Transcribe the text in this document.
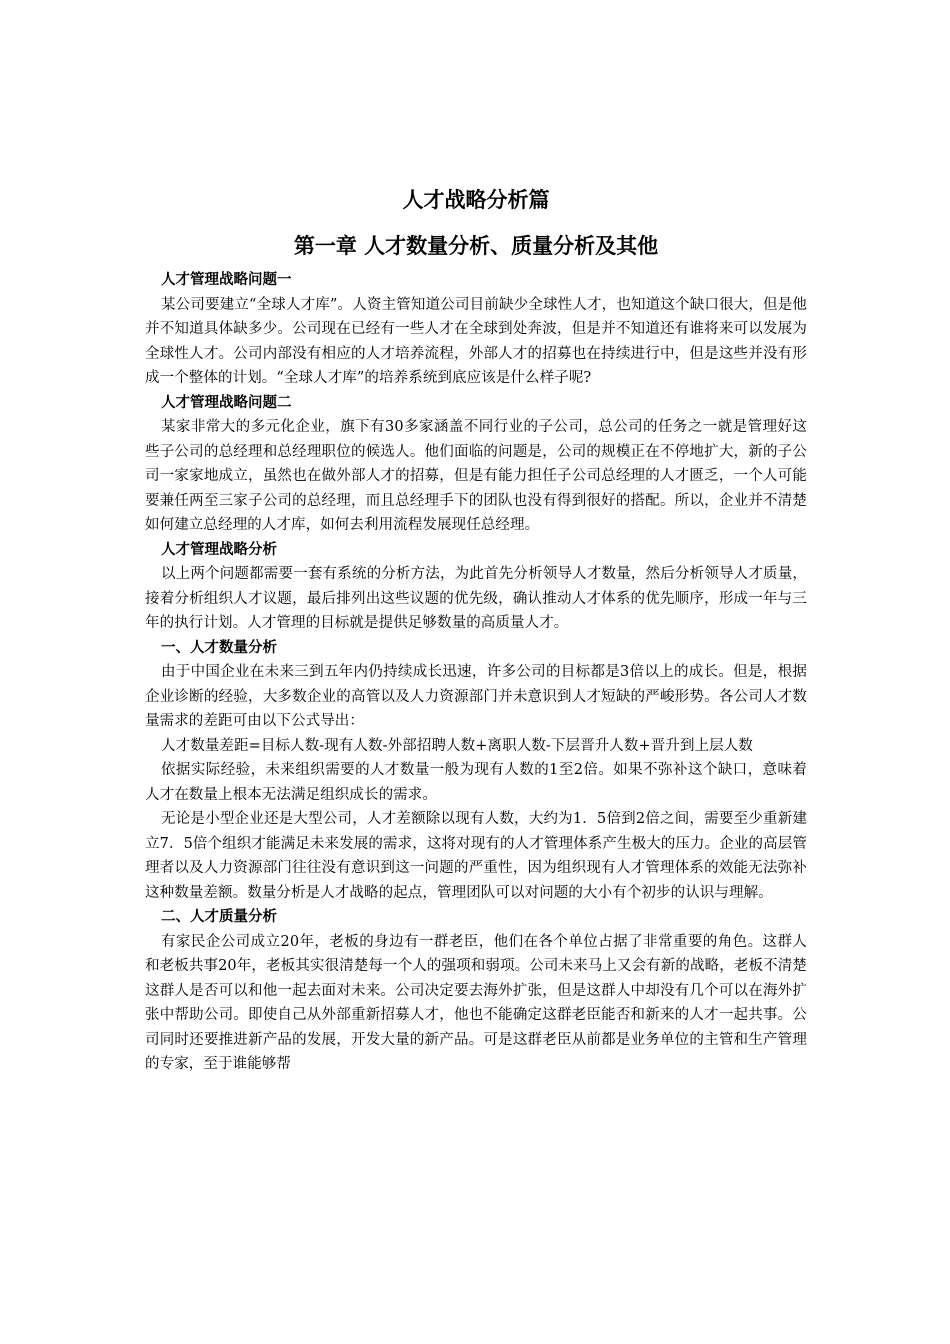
人才战略分析篇
第一章 人才数量分析、质量分析及其他

人才管理战略问题一

某公司要建立“全球人才库”。人资主管知道公司目前缺少全球性人才，也知道这个缺口很大，但是他并不知道具体缺多少。公司现在已经有一些人才在全球到处奔波，但是并不知道还有谁将来可以发展为全球性人才。公司内部没有相应的人才培养流程，外部人才的招募也在持续进行中，但是这些并没有形成一个整体的计划。“全球人才库”的培养系统到底应该是什么样子呢?

人才管理战略问题二

某家非常大的多元化企业，旗下有30多家涵盖不同行业的子公司，总公司的任务之一就是管理好这些子公司的总经理和总经理职位的候选人。他们面临的问题是，公司的规模正在不停地扩大，新的子公司一家家地成立，虽然也在做外部人才的招募，但是有能力担任子公司总经理的人才匮乏，一个人可能要兼任两至三家子公司的总经理，而且总经理手下的团队也没有得到很好的搭配。所以，企业并不清楚如何建立总经理的人才库，如何去利用流程发展现任总经理。

人才管理战略分析

以上两个问题都需要一套有系统的分析方法，为此首先分析领导人才数量，然后分析领导人才质量，接着分析组织人才议题，最后排列出这些议题的优先级，确认推动人才体系的优先顺序，形成一年与三年的执行计划。人才管理的目标就是提供足够数量的高质量人才。

一、人才数量分析

由于中国企业在未来三到五年内仍持续成长迅速，许多公司的目标都是3倍以上的成长。但是，根据企业诊断的经验，大多数企业的高管以及人力资源部门并未意识到人才短缺的严峻形势。各公司人才数量需求的差距可由以下公式导出：

人才数量差距=目标人数-现有人数-外部招聘人数+离职人数-下层晋升人数+晋升到上层人数

依据实际经验，未来组织需要的人才数量一般为现有人数的1至2倍。如果不弥补这个缺口，意味着人才在数量上根本无法满足组织成长的需求。

无论是小型企业还是大型公司，人才差额除以现有人数，大约为1．5倍到2倍之间，需要至少重新建立7．5倍个组织才能满足未来发展的需求，这将对现有的人才管理体系产生极大的压力。企业的高层管理者以及人力资源部门往往没有意识到这一问题的严重性，因为组织现有人才管理体系的效能无法弥补这种数量差额。数量分析是人才战略的起点，管理团队可以对问题的大小有个初步的认识与理解。

二、人才质量分析

有家民企公司成立20年，老板的身边有一群老臣，他们在各个单位占据了非常重要的角色。这群人和老板共事20年，老板其实很清楚每一个人的强项和弱项。公司未来马上又会有新的战略，老板不清楚这群人是否可以和他一起去面对未来。公司决定要去海外扩张，但是这群人中却没有几个可以在海外扩张中帮助公司。即使自己从外部重新招募人才，他也不能确定这群老臣能否和新来的人才一起共事。公司同时还要推进新产品的发展，开发大量的新产品。可是这群老臣从前都是业务单位的主管和生产管理的专家，至于谁能够帮
